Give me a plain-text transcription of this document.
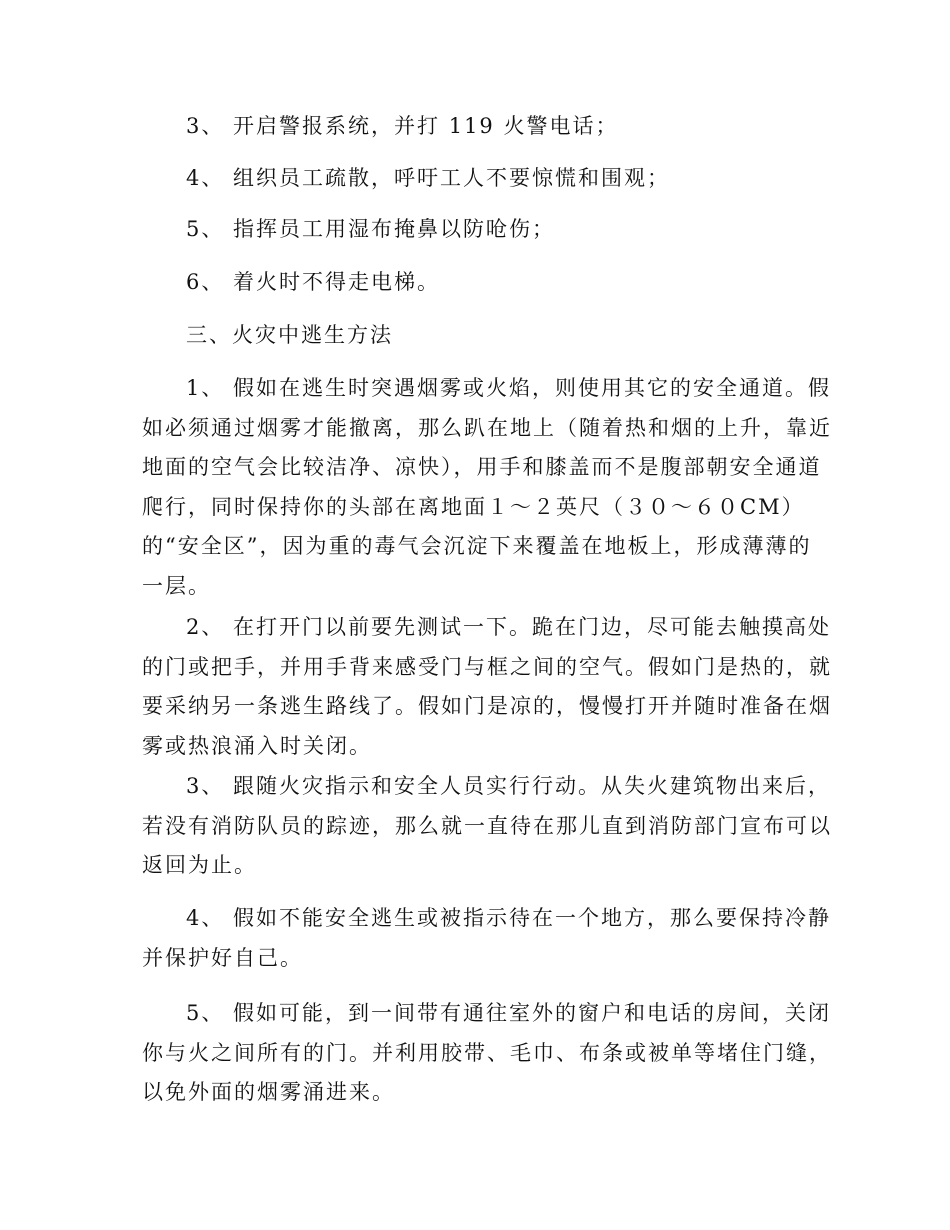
3、 开启警报系统，并打 119 火警电话；

4、 组织员工疏散，呼吁工人不要惊慌和围观；

5、 指挥员工用湿布掩鼻以防呛伤；

6、 着火时不得走电梯。

三、火灾中逃生方法

1、 假如在逃生时突遇烟雾或火焰，则使用其它的安全通道。假
如必须通过烟雾才能撤离，那么趴在地上（随着热和烟的上升，靠近
地面的空气会比较洁净、凉快），用手和膝盖而不是腹部朝安全通道
爬行，同时保持你的头部在离地面１～２英尺（３０～６０CM）
的“安全区”，因为重的毒气会沉淀下来覆盖在地板上，形成薄薄的
一层。

2、 在打开门以前要先测试一下。跪在门边，尽可能去触摸高处
的门或把手，并用手背来感受门与框之间的空气。假如门是热的，就
要采纳另一条逃生路线了。假如门是凉的，慢慢打开并随时准备在烟
雾或热浪涌入时关闭。

3、 跟随火灾指示和安全人员实行行动。从失火建筑物出来后，
若没有消防队员的踪迹，那么就一直待在那儿直到消防部门宣布可以
返回为止。

4、 假如不能安全逃生或被指示待在一个地方，那么要保持冷静
并保护好自己。

5、 假如可能，到一间带有通往室外的窗户和电话的房间，关闭
你与火之间所有的门。并利用胶带、毛巾、布条或被单等堵住门缝，
以免外面的烟雾涌进来。
